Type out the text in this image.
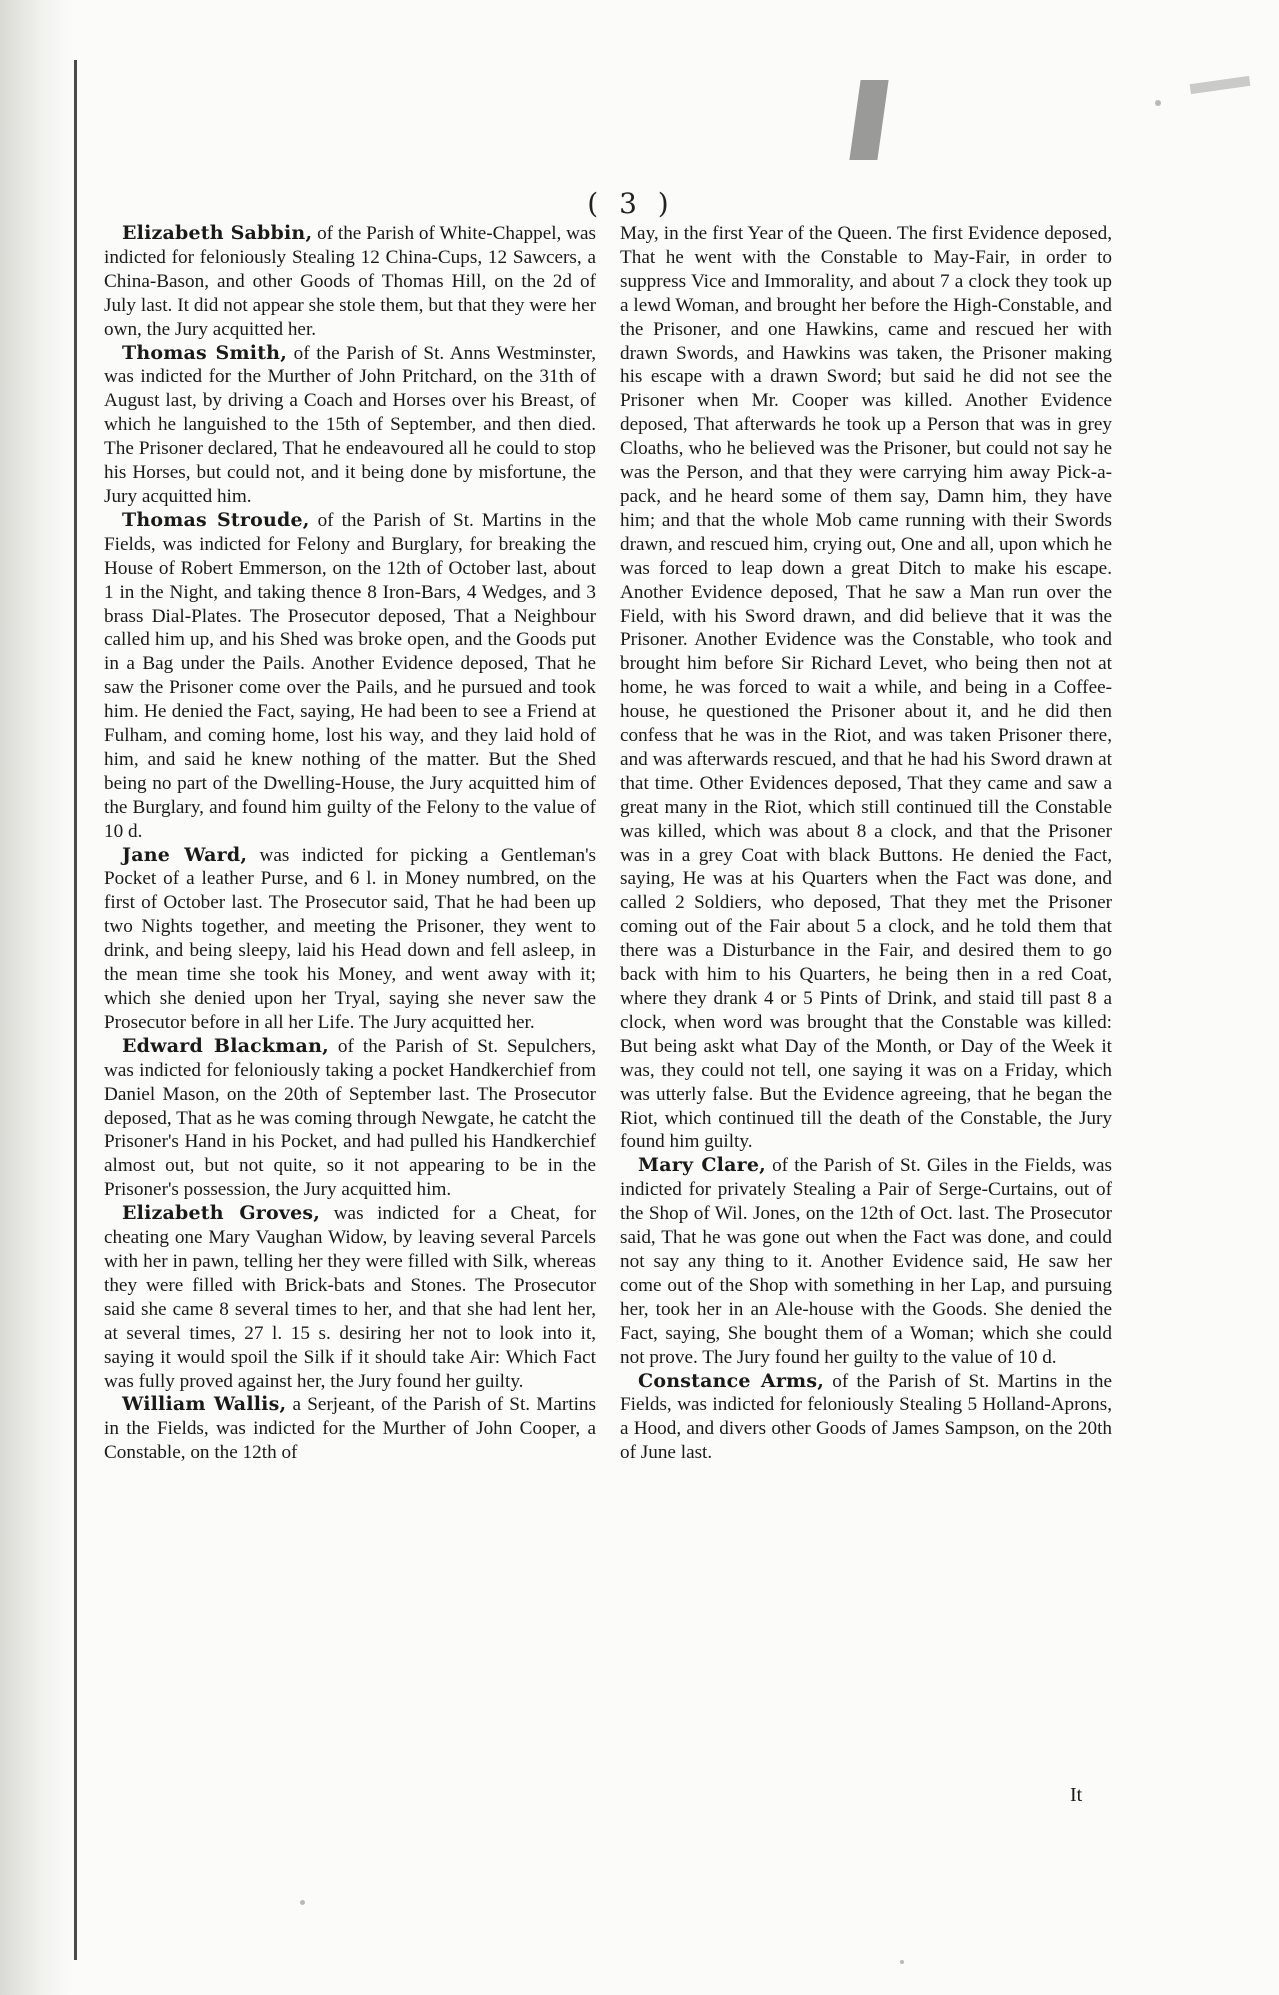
( 3 )

Elizabeth Sabbin, of the Parish of White-Chappel, was indicted for feloniously Stealing 12 China-Cups, 12 Sawcers, a China-Bason, and other Goods of Thomas Hill, on the 2d of July last. It did not appear she stole them, but that they were her own, the Jury acquitted her.

Thomas Smith, of the Parish of St. Anns Westminster, was indicted for the Murther of John Pritchard, on the 31th of August last, by driving a Coach and Horses over his Breast, of which he languished to the 15th of September, and then died. The Prisoner declared, That he endeavoured all he could to stop his Horses, but could not, and it being done by misfortune, the Jury acquitted him.

Thomas Stroude, of the Parish of St. Martins in the Fields, was indicted for Felony and Burglary, for breaking the House of Robert Emmerson, on the 12th of October last, about 1 in the Night, and taking thence 8 Iron-Bars, 4 Wedges, and 3 brass Dial-Plates. The Prosecutor deposed, That a Neighbour called him up, and his Shed was broke open, and the Goods put in a Bag under the Pails. Another Evidence deposed, That he saw the Prisoner come over the Pails, and he pursued and took him. He denied the Fact, saying, He had been to see a Friend at Fulham, and coming home, lost his way, and they laid hold of him, and said he knew nothing of the matter. But the Shed being no part of the Dwelling-House, the Jury acquitted him of the Burglary, and found him guilty of the Felony to the value of 10 d.

Jane Ward, was indicted for picking a Gentleman's Pocket of a leather Purse, and 6 l. in Money numbred, on the first of October last. The Prosecutor said, That he had been up two Nights together, and meeting the Prisoner, they went to drink, and being sleepy, laid his Head down and fell asleep, in the mean time she took his Money, and went away with it; which she denied upon her Tryal, saying she never saw the Prosecutor before in all her Life. The Jury acquitted her.

Edward Blackman, of the Parish of St. Sepulchers, was indicted for feloniously taking a pocket Handkerchief from Daniel Mason, on the 20th of September last. The Prosecutor deposed, That as he was coming through Newgate, he catcht the Prisoner's Hand in his Pocket, and had pulled his Handkerchief almost out, but not quite, so it not appearing to be in the Prisoner's possession, the Jury acquitted him.

Elizabeth Groves, was indicted for a Cheat, for cheating one Mary Vaughan Widow, by leaving several Parcels with her in pawn, telling her they were filled with Silk, whereas they were filled with Brick-bats and Stones. The Prosecutor said she came 8 several times to her, and that she had lent her, at several times, 27 l. 15 s. desiring her not to look into it, saying it would spoil the Silk if it should take Air: Which Fact was fully proved against her, the Jury found her guilty.

William Wallis, a Serjeant, of the Parish of St. Martins in the Fields, was indicted for the Murther of John Cooper, a Constable, on the 12th of

May, in the first Year of the Queen. The first Evidence deposed, That he went with the Constable to May-Fair, in order to suppress Vice and Immorality, and about 7 a clock they took up a lewd Woman, and brought her before the High-Constable, and the Prisoner, and one Hawkins, came and rescued her with drawn Swords, and Hawkins was taken, the Prisoner making his escape with a drawn Sword; but said he did not see the Prisoner when Mr. Cooper was killed. Another Evidence deposed, That afterwards he took up a Person that was in grey Cloaths, who he believed was the Prisoner, but could not say he was the Person, and that they were carrying him away Pick-a-pack, and he heard some of them say, Damn him, they have him; and that the whole Mob came running with their Swords drawn, and rescued him, crying out, One and all, upon which he was forced to leap down a great Ditch to make his escape. Another Evidence deposed, That he saw a Man run over the Field, with his Sword drawn, and did believe that it was the Prisoner. Another Evidence was the Constable, who took and brought him before Sir Richard Levet, who being then not at home, he was forced to wait a while, and being in a Coffee-house, he questioned the Prisoner about it, and he did then confess that he was in the Riot, and was taken Prisoner there, and was afterwards rescued, and that he had his Sword drawn at that time. Other Evidences deposed, That they came and saw a great many in the Riot, which still continued till the Constable was killed, which was about 8 a clock, and that the Prisoner was in a grey Coat with black Buttons. He denied the Fact, saying, He was at his Quarters when the Fact was done, and called 2 Soldiers, who deposed, That they met the Prisoner coming out of the Fair about 5 a clock, and he told them that there was a Disturbance in the Fair, and desired them to go back with him to his Quarters, he being then in a red Coat, where they drank 4 or 5 Pints of Drink, and staid till past 8 a clock, when word was brought that the Constable was killed: But being askt what Day of the Month, or Day of the Week it was, they could not tell, one saying it was on a Friday, which was utterly false. But the Evidence agreeing, that he began the Riot, which continued till the death of the Constable, the Jury found him guilty.

Mary Clare, of the Parish of St. Giles in the Fields, was indicted for privately Stealing a Pair of Serge-Curtains, out of the Shop of Wil. Jones, on the 12th of Oct. last. The Prosecutor said, That he was gone out when the Fact was done, and could not say any thing to it. Another Evidence said, He saw her come out of the Shop with something in her Lap, and pursuing her, took her in an Ale-house with the Goods. She denied the Fact, saying, She bought them of a Woman; which she could not prove. The Jury found her guilty to the value of 10 d.

Constance Arms, of the Parish of St. Martins in the Fields, was indicted for feloniously Stealing 5 Holland-Aprons, a Hood, and divers other Goods of James Sampson, on the 20th of June last.

It
